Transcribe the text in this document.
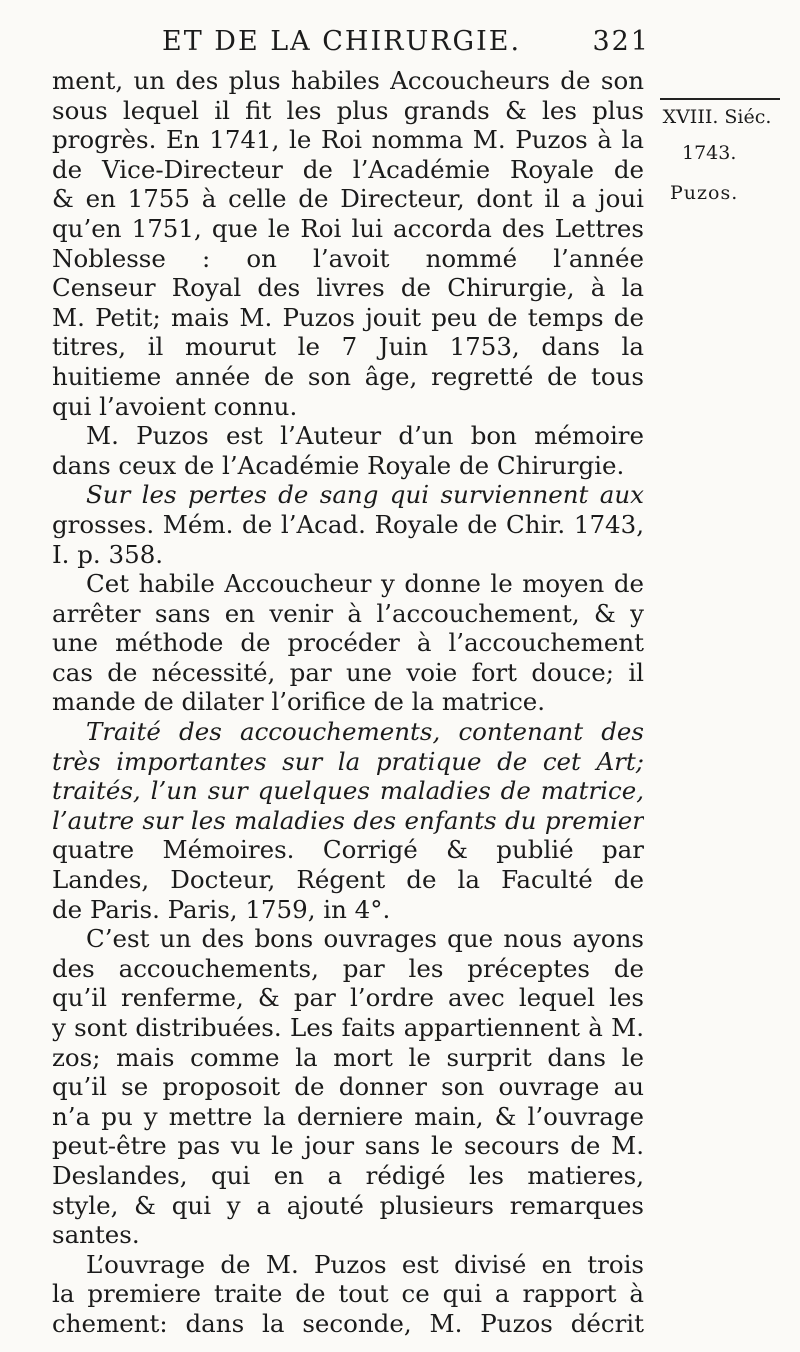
ET DE LA CHIRURGIE.	321
XVIII. Siéc.
1743.
Puzos.
ment, un des plus habiles Accoucheurs de son
sous lequel il fit les plus grands & les plus
progrès. En 1741, le Roi nomma M. Puzos à la
de Vice-Directeur de l’Académie Royale de
& en 1755 à celle de Directeur, dont il a joui
qu’en 1751, que le Roi lui accorda des Lettres
Noblesse : on l’avoit nommé l’année
Censeur Royal des livres de Chirurgie, à la
M. Petit; mais M. Puzos jouit peu de temps de
titres, il mourut le 7 Juin 1753, dans la
huitieme année de son âge, regretté de tous
qui l’avoient connu.
M. Puzos est l’Auteur d’un bon mémoire
dans ceux de l’Académie Royale de Chirurgie.
Sur les pertes de sang qui surviennent aux
grosses. Mém. de l’Acad. Royale de Chir. 1743,
I. p. 358.
Cet habile Accoucheur y donne le moyen de
arrêter sans en venir à l’accouchement, & y
une méthode de procéder à l’accouchement
cas de nécessité, par une voie fort douce; il
mande de dilater l’orifice de la matrice.
Traité des accouchements, contenant des
très importantes sur la pratique de cet Art;
traités, l’un sur quelques maladies de matrice,
l’autre sur les maladies des enfants du premier
quatre Mémoires. Corrigé & publié par
Landes, Docteur, Régent de la Faculté de
de Paris. Paris, 1759, in 4°.
C’est un des bons ouvrages que nous ayons
des accouchements, par les préceptes de
qu’il renferme, & par l’ordre avec lequel les
y sont distribuées. Les faits appartiennent à M.
zos; mais comme la mort le surprit dans le
qu’il se proposoit de donner son ouvrage au
n’a pu y mettre la derniere main, & l’ouvrage
peut-être pas vu le jour sans le secours de M.
Deslandes, qui en a rédigé les matieres,
style, & qui y a ajouté plusieurs remarques
santes.
L’ouvrage de M. Puzos est divisé en trois
la premiere traite de tout ce qui a rapport à
chement: dans la seconde, M. Puzos décrit
